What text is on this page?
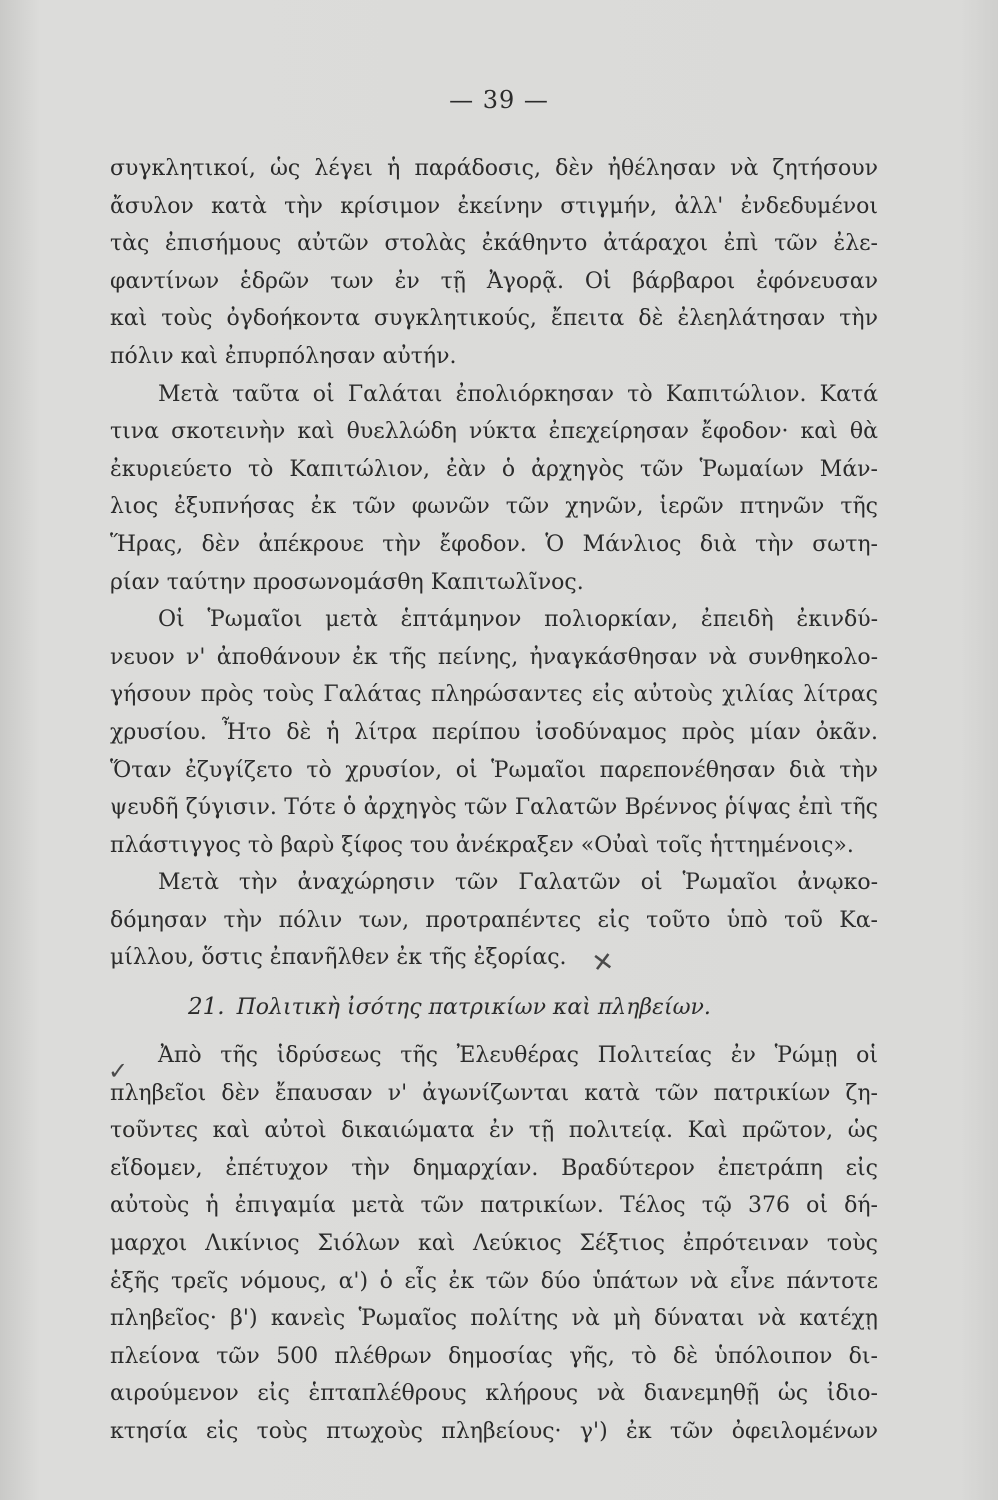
— 39 —
συγκλητικοί, ὡς λέγει ἡ παράδοσις, δὲν ἠθέλησαν νὰ ζητήσουν
ἄσυλον κατὰ τὴν κρίσιμον ἐκείνην στιγμήν, ἀλλ' ἐνδεδυμένοι
τὰς ἐπισήμους αὐτῶν στολὰς ἐκάθηντο ἀτάραχοι ἐπὶ τῶν ἐλε-
φαντίνων ἑδρῶν των ἐν τῇ Ἀγορᾷ. Οἱ βάρβαροι ἐφόνευσαν
καὶ τοὺς ὀγδοήκοντα συγκλητικούς, ἔπειτα δὲ ἐλεηλάτησαν τὴν
πόλιν καὶ ἐπυρπόλησαν αὐτήν.
Μετὰ ταῦτα οἱ Γαλάται ἐπολιόρκησαν τὸ Καπιτώλιον. Κατά
τινα σκοτεινὴν καὶ θυελλώδη νύκτα ἐπεχείρησαν ἔφοδον· καὶ θὰ
ἐκυριεύετο τὸ Καπιτώλιον, ἐὰν ὁ ἀρχηγὸς τῶν Ῥωμαίων Μάν-
λιος ἐξυπνήσας ἐκ τῶν φωνῶν τῶν χηνῶν, ἱερῶν πτηνῶν τῆς
Ἥρας, δὲν ἀπέκρουε τὴν ἔφοδον. Ὁ Μάνλιος διὰ τὴν σωτη-
ρίαν ταύτην προσωνομάσθη Καπιτωλῖνος.
Οἱ Ῥωμαῖοι μετὰ ἑπτάμηνον πολιορκίαν, ἐπειδὴ ἐκινδύ-
νευον ν' ἀποθάνουν ἐκ τῆς πείνης, ἠναγκάσθησαν νὰ συνθηκολο-
γήσουν πρὸς τοὺς Γαλάτας πληρώσαντες εἰς αὐτοὺς χιλίας λίτρας
χρυσίου. Ἦτο δὲ ἡ λίτρα περίπου ἰσοδύναμος πρὸς μίαν ὀκᾶν.
Ὅταν ἐζυγίζετο τὸ χρυσίον, οἱ Ῥωμαῖοι παρεπονέθησαν διὰ τὴν
ψευδῆ ζύγισιν. Τότε ὁ ἀρχηγὸς τῶν Γαλατῶν Βρέννος ῥίψας ἐπὶ τῆς
πλάστιγγος τὸ βαρὺ ξίφος του ἀνέκραξεν «Οὐαὶ τοῖς ἡττημένοις».
Μετὰ τὴν ἀναχώρησιν τῶν Γαλατῶν οἱ Ῥωμαῖοι ἀνῳκο-
δόμησαν τὴν πόλιν των, προτραπέντες εἰς τοῦτο ὑπὸ τοῦ Κα-
μίλλου, ὅστις ἐπανῆλθεν ἐκ τῆς ἐξορίας.
21. Πολιτικὴ ἰσότης πατρικίων καὶ πληβείων.
Ἀπὸ τῆς ἱδρύσεως τῆς Ἐλευθέρας Πολιτείας ἐν Ῥώμῃ οἱ
πληβεῖοι δὲν ἔπαυσαν ν' ἀγωνίζωνται κατὰ τῶν πατρικίων ζη-
τοῦντες καὶ αὐτοὶ δικαιώματα ἐν τῇ πολιτείᾳ. Καὶ πρῶτον, ὡς
εἴδομεν, ἐπέτυχον τὴν δημαρχίαν. Βραδύτερον ἐπετράπη εἰς
αὐτοὺς ἡ ἐπιγαμία μετὰ τῶν πατρικίων. Τέλος τῷ 376 οἱ δή-
μαρχοι Λικίνιος Σιόλων καὶ Λεύκιος Σέξτιος ἐπρότειναν τοὺς
ἑξῆς τρεῖς νόμους, α') ὁ εἷς ἐκ τῶν δύο ὑπάτων νὰ εἶνε πάντοτε
πληβεῖος· β') κανεὶς Ῥωμαῖος πολίτης νὰ μὴ δύναται νὰ κατέχῃ
πλείονα τῶν 500 πλέθρων δημοσίας γῆς, τὸ δὲ ὑπόλοιπον δι-
αιρούμενον εἰς ἑπταπλέθρους κλήρους νὰ διανεμηθῇ ὡς ἰδιο-
κτησία εἰς τοὺς πτωχοὺς πληβείους· γ') ἐκ τῶν ὀφειλομένων
✕
✓
